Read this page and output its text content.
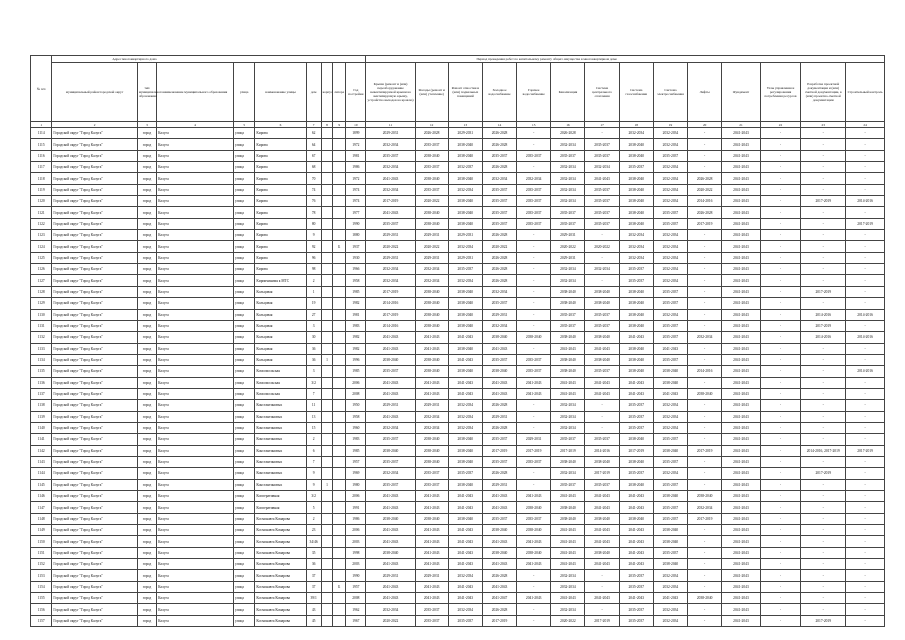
№ п/п	Адрес многоквартирного дома									Период проведения работ по капитальному ремонту общего имущества в многоквартирном доме													
	муниципальный район/городской округ	тип муниципального образования	наименование муниципального образования	улица	наименование улицы	дом	корпус	литера	Год постройки	Крыша (ремонт и (или) переоборудование невентилируемой крыши на вентилируемую крышу, устройство выходов на кровлю)	Фасады (ремонт и (или) утепление)	Ремонт отмостки и (или) подвальных помещений	Холодное водоснабжение	Горячее водоснабжение	Канализация	Система центрального отопления	Система газоснабжения	Система электроснабжения	Лифты	Фундамент	Узлы управления и регулирования потребления ресурсов	Разработка проектной документации и (или) сметной документации, в (или) проектно-сметной документации	Строительный контроль
1	2	3	4	5	6	7	8	9	10	11	12	13	14	15	16	17	18	19	20	21	22	23	24
1114	Городской округ "Город Калуга"	город	Калуга	улица	Кирова	62			1899	2029-2031	2026-2028	2029-2031	2026-2028	-	2026-2028	-	2032-2034	2032-2034	-	2041-2043	-	-	-
1115	Городской округ "Город Калуга"	город	Калуга	улица	Кирова	64			1972	2032-2034	2035-2037	2038-2040	2026-2028	-	2032-2034	2035-2037	2038-2040	2032-2034	-	2041-2043	-	-	-
1116	Городской округ "Город Калуга"	город	Калуга	улица	Кирова	67			1981	2035-2037	2038-2040	2038-2040	2035-2037	2035-2037	2035-2037	2035-2037	2038-2040	2035-2037	-	2041-2043	-	-	-
1117	Городской округ "Город Калуга"	город	Калуга	улица	Кирова	68			1986	2032-2034	2035-2037	2032-2037	2026-2028	-	2032-2034	2032-2034	2035-2037	2032-2034	-	2041-2043	-	-	-
1118	Городской округ "Город Калуга"	город	Калуга	улица	Кирова	70			1972	2041-2043	2038-2040	2038-2040	2032-2034	2032-2034	2032-2034	2041-2043	2038-2040	2032-2034	2026-2028	2041-2043	-	-	-
1119	Городской округ "Город Калуга"	город	Калуга	улица	Кирова	74			1974	2032-2034	2035-2037	2032-2034	2035-2037	2035-2037	2032-2034	2035-2037	2038-2040	2032-2034	2020-2022	2041-2043	-	-	-
1120	Городской округ "Город Калуга"	город	Калуга	улица	Кирова	76			1974	2017-2019	2020-2022	2038-2040	2035-2037	2035-2037	2032-2034	2035-2037	2038-2040	2032-2034	2014-2016	2041-2043	-	2017-2019	2014-2016
1121	Городской округ "Город Калуга"	город	Калуга	улица	Кирова	78			1977	2041-2043	2038-2040	2038-2040	2035-2037	2035-2037	2035-2037	2035-2037	2038-2040	2035-2037	2026-2028	2041-2043	-	-	-
1122	Городской округ "Город Калуга"	город	Калуга	улица	Кирова	80			1990	2035-2037	2038-2040	2038-2040	2035-2037	2035-2037	2035-2037	2035-2037	2038-2040	2035-2037	2017-2019	2041-2043	-	-	2017-2019
1123	Городской округ "Город Калуга"	город	Калуга	улица	Кирова	9			1880	2029-2031	2029-2031	2029-2031	2026-2028	-	2029-2031	-	2032-2034	2032-2034	-	2041-2043	-	-	-
1124	Городской округ "Город Калуга"	город	Калуга	улица	Кирова	92		Б	1937	2020-2022	2020-2022	2032-2034	2020-2022	-	2020-2022	2020-2022	2032-2034	2032-2034	-	2041-2043	-	-	-
1125	Городской округ "Город Калуга"	город	Калуга	улица	Кирова	96			1930	2029-2031	2029-2031	2029-2031	2026-2028	-	2029-2031	-	2032-2034	2032-2034	-	2041-2043	-	-	-
1126	Городской округ "Город Калуга"	город	Калуга	улица	Кирова	98			1966	2032-2034	2032-2034	2035-2037	2026-2028	-	2032-2034	2032-2034	2035-2037	2032-2034	-	2041-2043	-	-	-
1127	Городской округ "Город Калуга"	город	Калуга	улица	Кирпичинимя к МТС	2			1958	2032-2034	2032-2034	2032-2034	2026-2028	-	2032-2034	-	2035-2037	2032-2034	-	2041-2043	-	-	-
1128	Городской округ "Город Калуга"	город	Калуга	улица	Кольцовая	1			1985	2017-2019	2038-2040	2038-2040	2032-2034	-	2038-2040	2038-2040	2038-2040	2035-2037	-	2041-2043	-	2017-2019	-
1129	Городской округ "Город Калуга"	город	Калуга	улица	Кольцовая	19			1982	2014-2016	2038-2040	2038-2040	2035-2037	-	2038-2040	2038-2040	2038-2040	2035-2037	-	2041-2043	-	-	-
1130	Городской округ "Город Калуга"	город	Калуга	улица	Кольцовая	27			1981	2017-2019	2038-2040	2038-2040	2029-2031	-	2035-2037	2035-2037	2038-2040	2032-2034	-	2041-2043	-	2014-2016	2014-2016
1131	Городской округ "Город Калуга"	город	Калуга	улица	Кольцовая	3			1983	2014-2016	2038-2040	2038-2040	2032-2034	-	2035-2037	2035-2037	2038-2040	2035-2037	-	2041-2043	-	2017-2019	-
1132	Городской округ "Город Калуга"	город	Калуга	улица	Кольцовая	30			1982	2041-2043	2041-2043	2041-2043	2038-2040	2038-2040	2038-2040	2038-2040	2041-2043	2035-2037	2032-2034	2041-2043	-	2014-2016	2014-2016
1133	Городской округ "Город Калуга"	город	Калуга	улица	Кольцовая	36			1982	2041-2043	2041-2043	2038-2040	2041-2043	-	2041-2043	2041-2043	2038-2040	2041-2043	-	2041-2043	-	-	-
1134	Городской округ "Город Калуга"	город	Калуга	улица	Кольцовая	36	1		1996	2038-2040	2038-2040	2041-2043	2035-2037	2035-2037	2038-2040	2038-2040	2038-2040	2035-2037	-	2041-2043	-	-	-
1135	Городской округ "Город Калуга"	город	Калуга	улица	Комсомольская	3			1985	2035-2037	2038-2040	2038-2040	2038-2040	2035-2037	2038-2040	2035-2037	2038-2040	2038-2040	2014-2016	2041-2043	-	-	2014-2016
1136	Городской округ "Город Калуга"	город	Калуга	улица	Комсомольская	3/2			2006	2041-2043	2041-2043	2041-2043	2041-2043	2041-2043	2041-2043	2041-2043	2041-2043	2038-2040	-	2041-2043	-	-	-
1137	Городской округ "Город Калуга"	город	Калуга	улица	Комсомольская	7			2008	2041-2043	2041-2043	2041-2043	2041-2043	2041-2043	2041-2043	2041-2043	2041-2043	2041-2043	2038-2040	2041-2043	-	-	-
1138	Городской округ "Город Калуга"	город	Калуга	улица	Константиновых	11			1950	2029-2031	2029-2031	2032-2034	2026-2028	-	2032-2034	-	2035-2037	2032-2034	-	2041-2043	-	-	-
1139	Городской округ "Город Калуга"	город	Калуга	улица	Константиновых	13			1958	2041-2043	2032-2034	2032-2034	2029-2031	-	2032-2034	-	2035-2037	2032-2034	-	2041-2043	-	-	-
1140	Городской округ "Город Калуга"	город	Калуга	улица	Константиновых	15			1960	2032-2034	2032-2034	2032-2034	2026-2028	-	2032-2034	-	2035-2037	2032-2034	-	2041-2043	-	-	-
1141	Городской округ "Город Калуга"	город	Калуга	улица	Константиновых	2			1983	2035-2037	2038-2040	2038-2040	2035-2037	2029-2031	2035-2037	2035-2037	2038-2040	2035-2037	-	2041-2043	-	-	-
1142	Городской округ "Город Калуга"	город	Калуга	улица	Константиновых	6			1985	2038-2040	2038-2040	2038-2040	2017-2019	2017-2019	2017-2019	2014-2016	2017-2019	2038-2040	2017-2019	2041-2043	-	2014-2016, 2017-2019	2017-2019
1143	Городской округ "Город Калуга"	город	Калуга	улица	Константиновых	7			1957	2035-2037	2038-2040	2038-2040	2035-2037	2035-2037	2038-2040	2038-2040	2038-2040	2035-2037	-	2041-2043	-	-	-
1144	Городской округ "Город Калуга"	город	Калуга	улица	Константиновых	9			1969	2032-2034	2035-2037	2035-2037	2026-2028	-	2032-2034	2017-2019	2035-2037	2032-2034	-	2041-2043	-	2017-2019	-
1145	Городской округ "Город Калуга"	город	Калуга	улица	Константиновых	9	1		1980	2035-2037	2035-2037	2038-2040	2029-2031	-	2035-2037	2035-2037	2038-2040	2035-2037	-	2041-2043	-	-	-
1146	Городской округ "Город Калуга"	город	Калуга	улица	Кооперативная	3/2			2006	2041-2043	2041-2043	2041-2043	2041-2043	2041-2043	2041-2043	2041-2043	2041-2043	2038-2040	2038-2040	2041-2043	-	-	-
1147	Городской округ "Город Калуга"	город	Калуга	улица	Кооперативная	5			1991	2041-2043	2041-2043	2041-2043	2041-2043	2038-2040	2038-2040	2041-2043	2041-2043	2035-2037	2032-2034	2041-2043	-	-	-
1148	Городской округ "Город Калуга"	город	Калуга	улица	Космонавта Комарова	2			1986	2038-2040	2038-2040	2038-2040	2035-2037	2035-2037	2038-2040	2038-2040	2038-2040	2035-2037	2017-2019	2041-2043	-	-	-
1149	Городской округ "Город Калуга"	город	Калуга	улица	Космонавта Комарова	23			2006	2041-2043	2041-2043	2041-2043	2038-2040	2038-2040	2041-2043	2041-2043	2041-2043	2038-2040	-	2041-2043	-	-	-
1150	Городской округ "Город Калуга"	город	Калуга	улица	Космонавта Комарова	34/46			2003	2041-2043	2041-2043	2041-2043	2041-2043	2041-2043	2041-2043	2041-2043	2041-2043	2038-2040	-	2041-2043	-	-	-
1151	Городской округ "Город Калуга"	город	Калуга	улица	Космонавта Комарова	35			1998	2038-2040	2041-2043	2041-2043	2038-2040	2038-2040	2041-2043	2038-2040	2041-2043	2035-2037	-	2041-2043	-	-	-
1152	Городской округ "Город Калуга"	город	Калуга	улица	Космонавта Комарова	36			2003	2041-2043	2041-2043	2041-2043	2041-2043	2041-2043	2041-2043	2041-2043	2041-2043	2038-2040	-	2041-2043	-	-	-
1153	Городской округ "Город Калуга"	город	Калуга	улица	Космонавта Комарова	37			1990	2029-2031	2029-2031	2032-2034	2026-2028	-	2032-2034	-	2035-2037	2032-2034	-	2041-2043	-	-	-
1154	Городской округ "Город Калуга"	город	Калуга	улица	Космонавта Комарова	37		Б	1957	2041-2043	2041-2043	2041-2043	2041-2043	-	2032-2034	-	2035-2037	2032-2034	-	2041-2043	-	-	-
1155	Городской округ "Город Калуга"	город	Калуга	улица	Космонавта Комарова	39/1			2008	2041-2043	2041-2043	2041-2043	2041-2047	2041-2043	2041-2043	2041-2043	2041-2043	2041-2043	2038-2040	2041-2043	-	-	-
1156	Городской округ "Город Калуга"	город	Калуга	улица	Космонавта Комарова	43			1962	2032-2034	2035-2037	2032-2034	2026-2028	-	2032-2034	-	2035-2037	2032-2034	-	2041-2043	-	-	-
1157	Городской округ "Город Калуга"	город	Калуга	улица	Космонавта Комарова	45			1967	2020-2022	2035-2037	2035-2037	2017-2019	-	2020-2022	2017-2019	2035-2037	2032-2034	-	2041-2043	-	2017-2019	-
